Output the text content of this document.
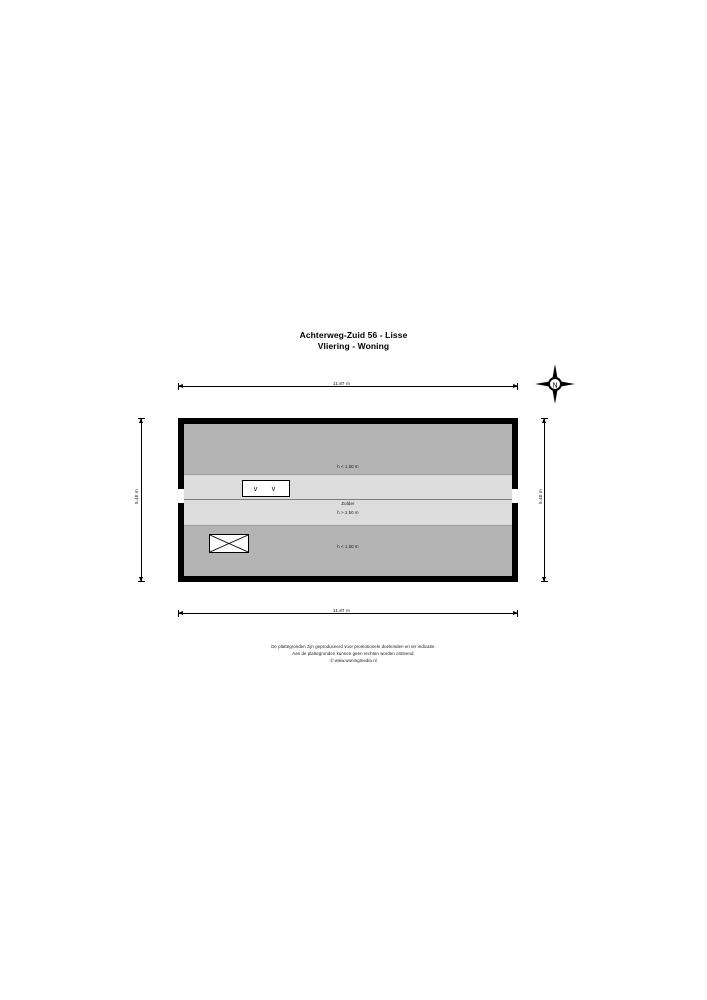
Achterweg-Zuid 56 - Lisse
Vliering - Woning
11.87 m
5.40 m	5.40 m
11.87 m
h < 1.50 m
Zolder
h > 2.50 m
h < 1.50 m
v	v
N
De plattegronden zijn geproduceerd voor promotionele doeleinden en ter indicatie.
Aan de plattegronden kunnen geen rechten worden ontleend.
© www.woningmedia.nl
